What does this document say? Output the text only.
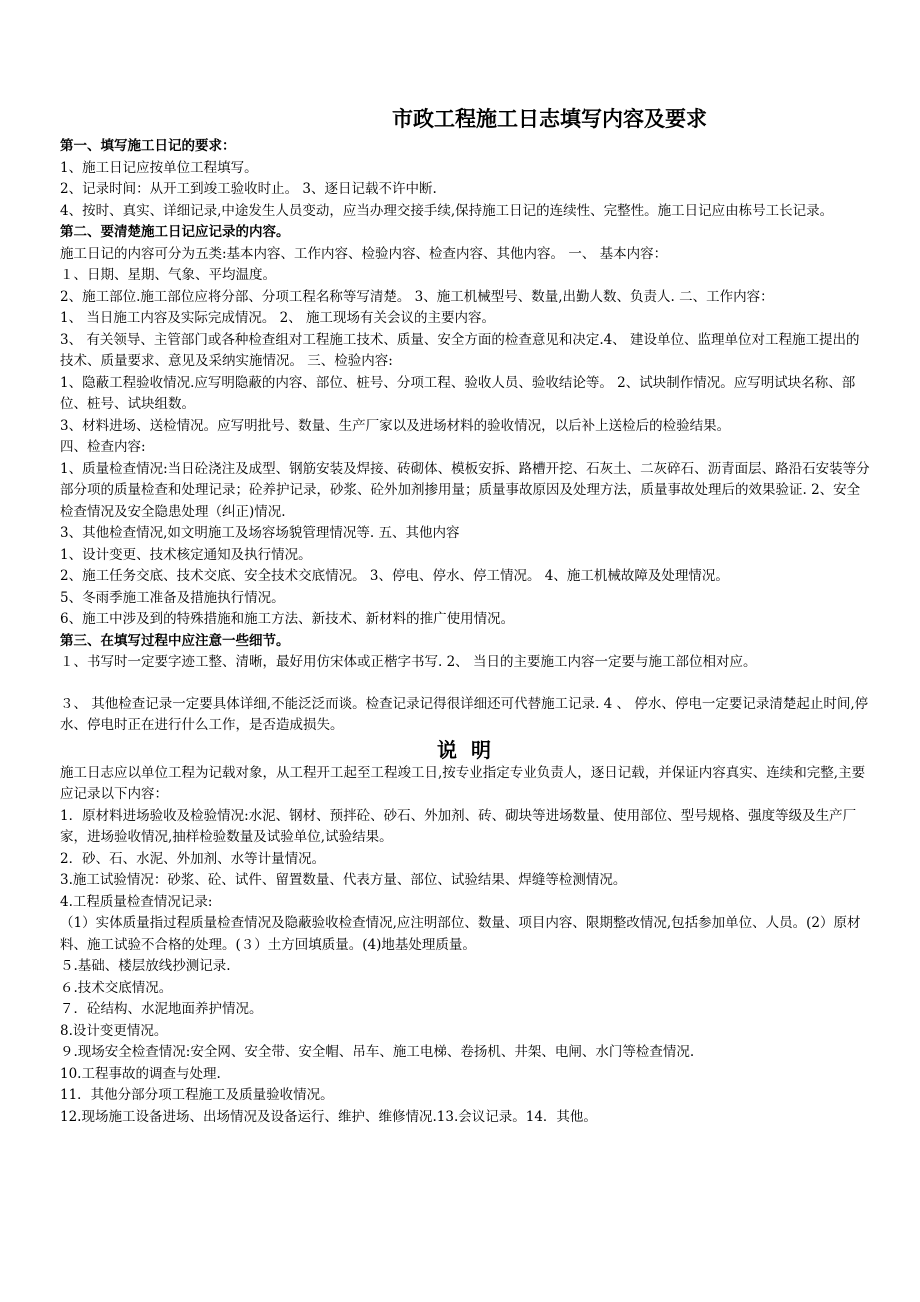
市政工程施工日志填写内容及要求

第一、填写施工日记的要求：

1、施工日记应按单位工程填写。

2、记录时间：从开工到竣工验收时止。 3、逐日记载不许中断.

4、按时、真实、详细记录,中途发生人员变动，应当办理交接手续,保持施工日记的连续性、完整性。施工日记应由栋号工长记录。

第二、要清楚施工日记应记录的内容。

施工日记的内容可分为五类:基本内容、工作内容、检验内容、检查内容、其他内容。 一、 基本内容：

１、日期、星期、气象、平均温度。

2、施工部位.施工部位应将分部、分项工程名称等写清楚。 3、施工机械型号、数量,出勤人数、负责人. 二、工作内容：

1、 当日施工内容及实际完成情况。 2、 施工现场有关会议的主要内容。

3、 有关领导、主管部门或各种检查组对工程施工技术、质量、安全方面的检查意见和决定.4、 建设单位、监理单位对工程施工提出的技术、质量要求、意见及采纳实施情况。 三、检验内容:

1、隐蔽工程验收情况.应写明隐蔽的内容、部位、桩号、分项工程、验收人员、验收结论等。 2、试块制作情况。应写明试块名称、部位、桩号、试块组数。

3、材料进场、送检情况。应写明批号、数量、生产厂家以及进场材料的验收情况，以后补上送检后的检验结果。

四、检查内容:

1、质量检查情况:当日砼浇注及成型、钢筋安装及焊接、砖砌体、模板安拆、路槽开挖、石灰土、二灰碎石、沥青面层、路沿石安装等分部分项的质量检查和处理记录；砼养护记录，砂浆、砼外加剂掺用量；质量事故原因及处理方法，质量事故处理后的效果验证. 2、安全检查情况及安全隐患处理（纠正)情况.

3、其他检查情况,如文明施工及场容场貌管理情况等. 五、其他内容

1、设计变更、技术核定通知及执行情况。

2、施工任务交底、技术交底、安全技术交底情况。 3、停电、停水、停工情况。 4、施工机械故障及处理情况。

5、冬雨季施工准备及措施执行情况。

6、施工中涉及到的特殊措施和施工方法、新技术、新材料的推广使用情况。

第三、在填写过程中应注意一些细节。

１、书写时一定要字迹工整、清晰，最好用仿宋体或正楷字书写. 2、 当日的主要施工内容一定要与施工部位相对应。

３、 其他检查记录一定要具体详细,不能泛泛而谈。检查记录记得很详细还可代替施工记录. 4 、 停水、停电一定要记录清楚起止时间,停水、停电时正在进行什么工作，是否造成损失。

说明

施工日志应以单位工程为记载对象，从工程开工起至工程竣工日,按专业指定专业负责人，逐日记载，并保证内容真实、连续和完整,主要应记录以下内容：

1．原材料进场验收及检验情况:水泥、钢材、预拌砼、砂石、外加剂、砖、砌块等进场数量、使用部位、型号规格、强度等级及生产厂家，进场验收情况,抽样检验数量及试验单位,试验结果。

2．砂、石、水泥、外加剂、水等计量情况。

3.施工试验情况：砂浆、砼、试件、留置数量、代表方量、部位、试验结果、焊缝等检测情况。

4.工程质量检查情况记录:

（1）实体质量指过程质量检查情况及隐蔽验收检查情况,应注明部位、数量、项目内容、限期整改情况,包括参加单位、人员。(2）原材料、施工试验不合格的处理。(３）土方回填质量。(4)地基处理质量。

５.基础、楼层放线抄测记录.

６.技术交底情况。

７．砼结构、水泥地面养护情况。

8.设计变更情况。

９.现场安全检查情况:安全网、安全带、安全帽、吊车、施工电梯、卷扬机、井架、电闸、水门等检查情况.

10.工程事故的调查与处理.

11．其他分部分项工程施工及质量验收情况。

12.现场施工设备进场、出场情况及设备运行、维护、维修情况.13.会议记录。14．其他。
